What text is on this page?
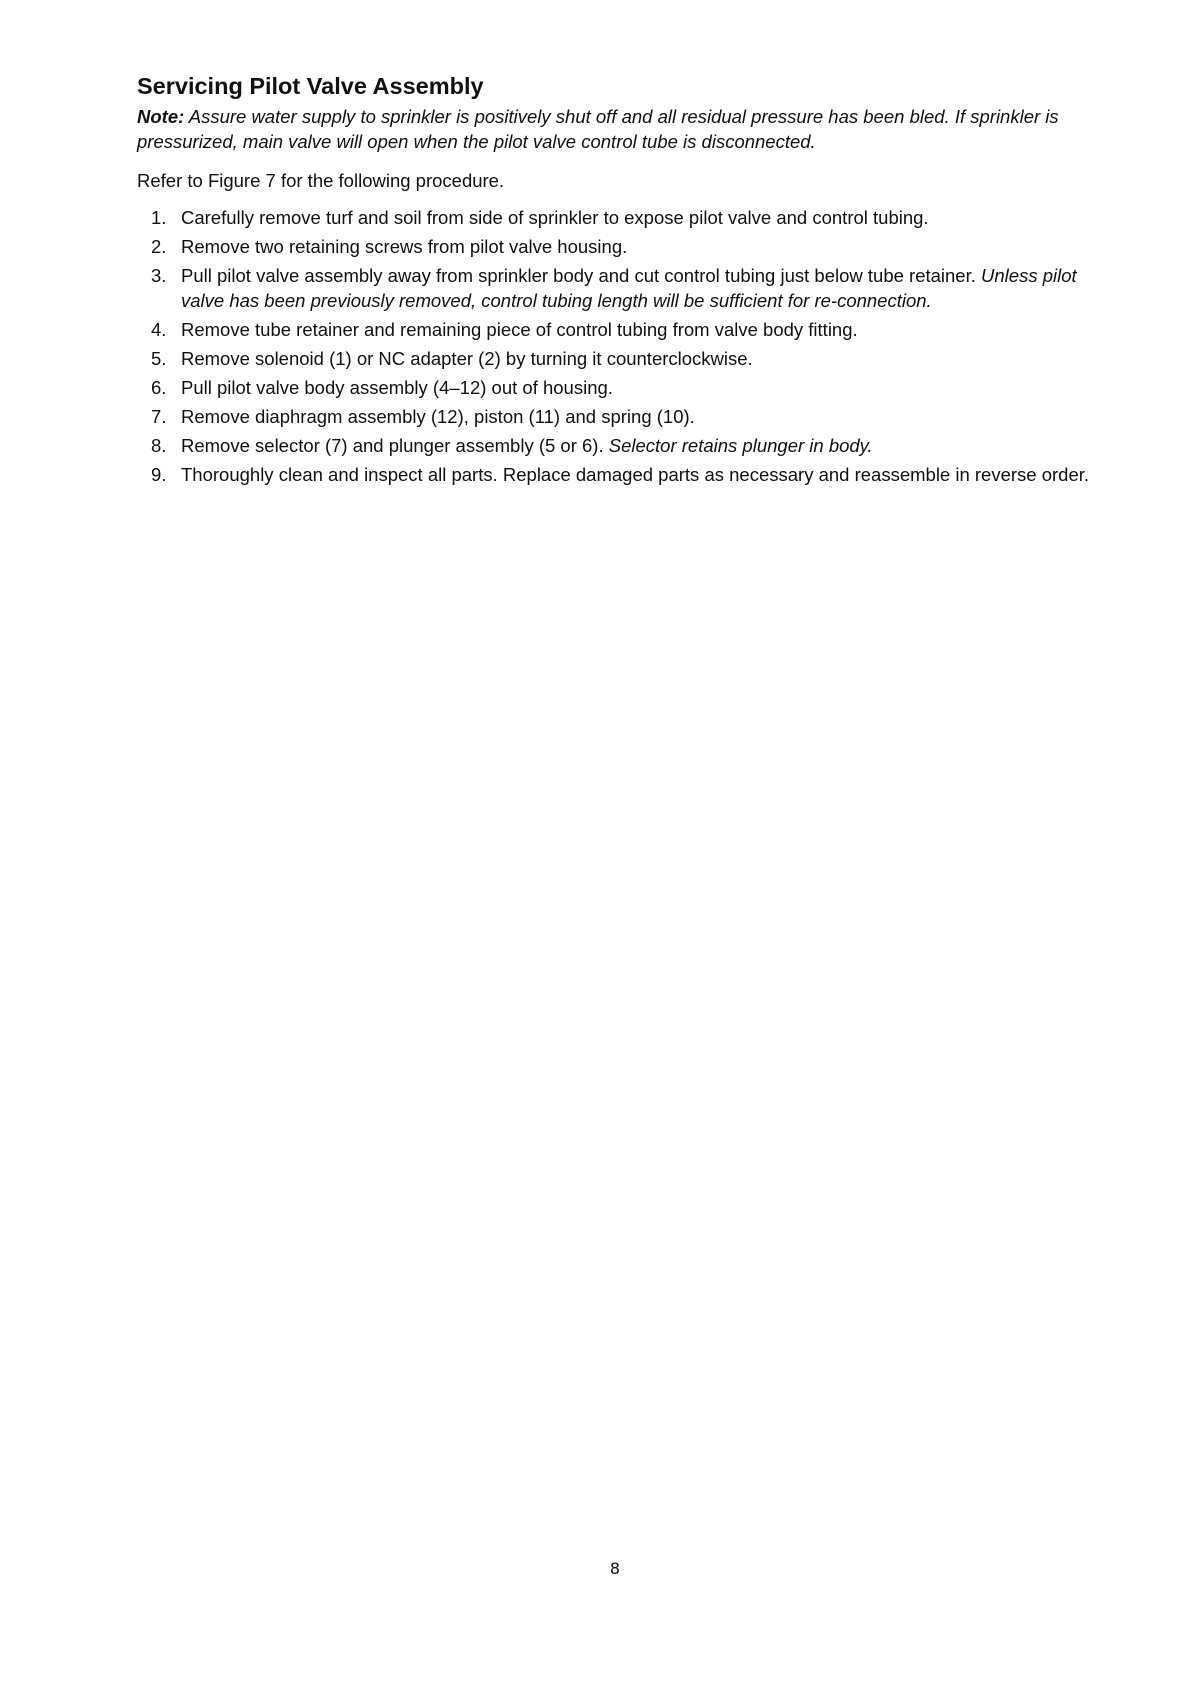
Servicing Pilot Valve Assembly

Note: Assure water supply to sprinkler is positively shut off and all residual pressure has been bled. If sprinkler is pressurized, main valve will open when the pilot valve control tube is disconnected.

Refer to Figure 7 for the following procedure.

1. Carefully remove turf and soil from side of sprinkler to expose pilot valve and control tubing.
2. Remove two retaining screws from pilot valve housing.
3. Pull pilot valve assembly away from sprinkler body and cut control tubing just below tube retainer. Unless pilot valve has been previously removed, control tubing length will be sufficient for re-connection.
4. Remove tube retainer and remaining piece of control tubing from valve body fitting.
5. Remove solenoid (1) or NC adapter (2) by turning it counterclockwise.
6. Pull pilot valve body assembly (4–12) out of housing.
7. Remove diaphragm assembly (12), piston (11) and spring (10).
8. Remove selector (7) and plunger assembly (5 or 6). Selector retains plunger in body.
9. Thoroughly clean and inspect all parts. Replace damaged parts as necessary and reassemble in reverse order.
8
